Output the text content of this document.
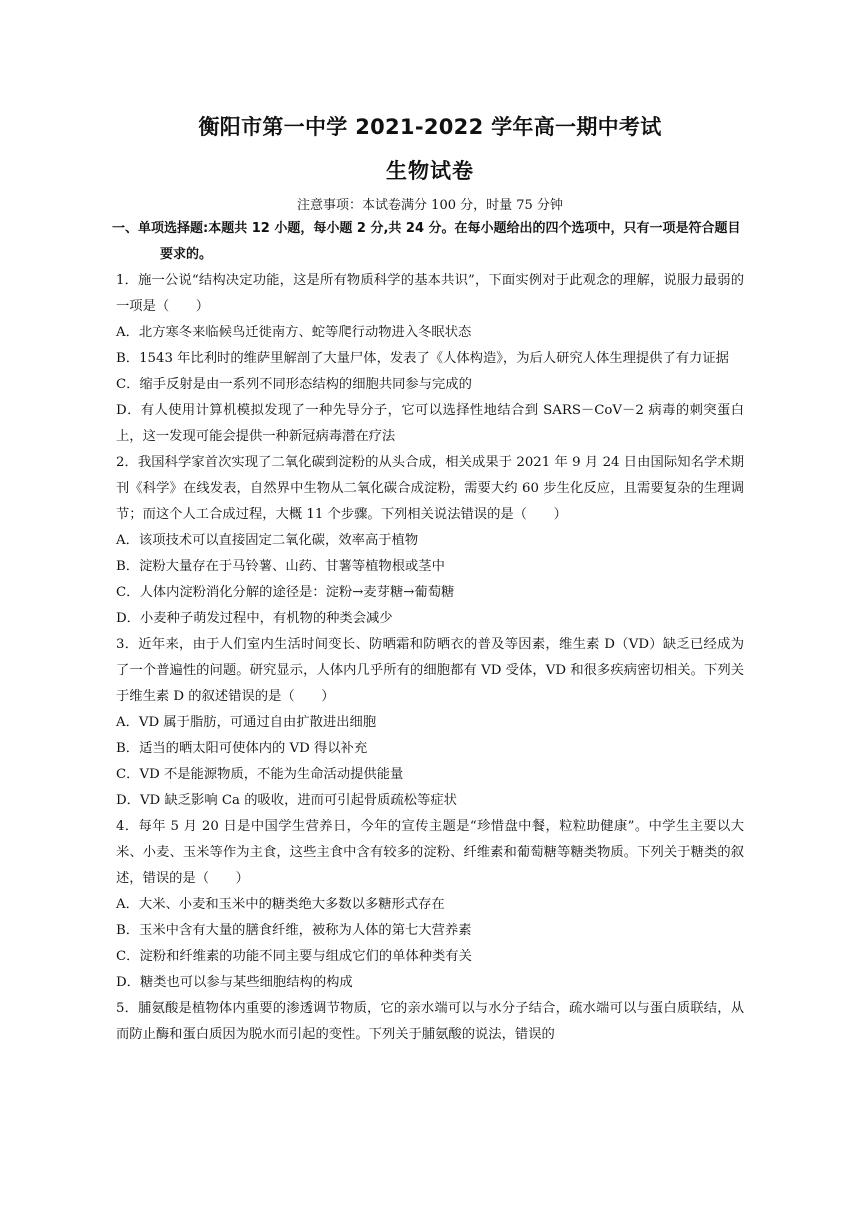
衡阳市第一中学 2021-2022 学年高一期中考试
生物试卷
注意事项：本试卷满分 100 分，时量 75 分钟
一、单项选择题:本题共 12 小题，每小题 2 分,共 24 分。在每小题给出的四个选项中，只有一项是符合题目要求的。

1．施一公说“结构决定功能，这是所有物质科学的基本共识”，下面实例对于此观念的理解，说服力最弱的一项是（　　）

A．北方寒冬来临候鸟迁徙南方、蛇等爬行动物进入冬眠状态

B．1543 年比利时的维萨里解剖了大量尸体，发表了《人体构造》，为后人研究人体生理提供了有力证据

C．缩手反射是由一系列不同形态结构的细胞共同参与完成的

D．有人使用计算机模拟发现了一种先导分子，它可以选择性地结合到 SARS－CoV－2 病毒的刺突蛋白上，这一发现可能会提供一种新冠病毒潜在疗法

2．我国科学家首次实现了二氧化碳到淀粉的从头合成，相关成果于 2021 年 9 月 24 日由国际知名学术期刊《科学》在线发表，自然界中生物从二氧化碳合成淀粉，需要大约 60 步生化反应，且需要复杂的生理调节；而这个人工合成过程，大概 11 个步骤。下列相关说法错误的是（　　）

A．该项技术可以直接固定二氧化碳，效率高于植物

B．淀粉大量存在于马铃薯、山药、甘薯等植物根或茎中

C．人体内淀粉消化分解的途径是：淀粉→麦芽糖→葡萄糖

D．小麦种子萌发过程中，有机物的种类会减少

3．近年来，由于人们室内生活时间变长、防晒霜和防晒衣的普及等因素，维生素 D（VD）缺乏已经成为了一个普遍性的问题。研究显示，人体内几乎所有的细胞都有 VD 受体，VD 和很多疾病密切相关。下列关于维生素 D 的叙述错误的是（　　）

A．VD 属于脂肪，可通过自由扩散进出细胞

B．适当的晒太阳可使体内的 VD 得以补充

C．VD 不是能源物质，不能为生命活动提供能量

D．VD 缺乏影响 Ca 的吸收，进而可引起骨质疏松等症状

4．每年 5 月 20 日是中国学生营养日，今年的宣传主题是“珍惜盘中餐，粒粒助健康”。中学生主要以大米、小麦、玉米等作为主食，这些主食中含有较多的淀粉、纤维素和葡萄糖等糖类物质。下列关于糖类的叙述，错误的是（　　）

A．大米、小麦和玉米中的糖类绝大多数以多糖形式存在

B．玉米中含有大量的膳食纤维，被称为人体的第七大营养素

C．淀粉和纤维素的功能不同主要与组成它们的单体种类有关

D．糖类也可以参与某些细胞结构的构成

5．脯氨酸是植物体内重要的渗透调节物质，它的亲水端可以与水分子结合，疏水端可以与蛋白质联结，从而防止酶和蛋白质因为脱水而引起的变性。下列关于脯氨酸的说法，错误的
